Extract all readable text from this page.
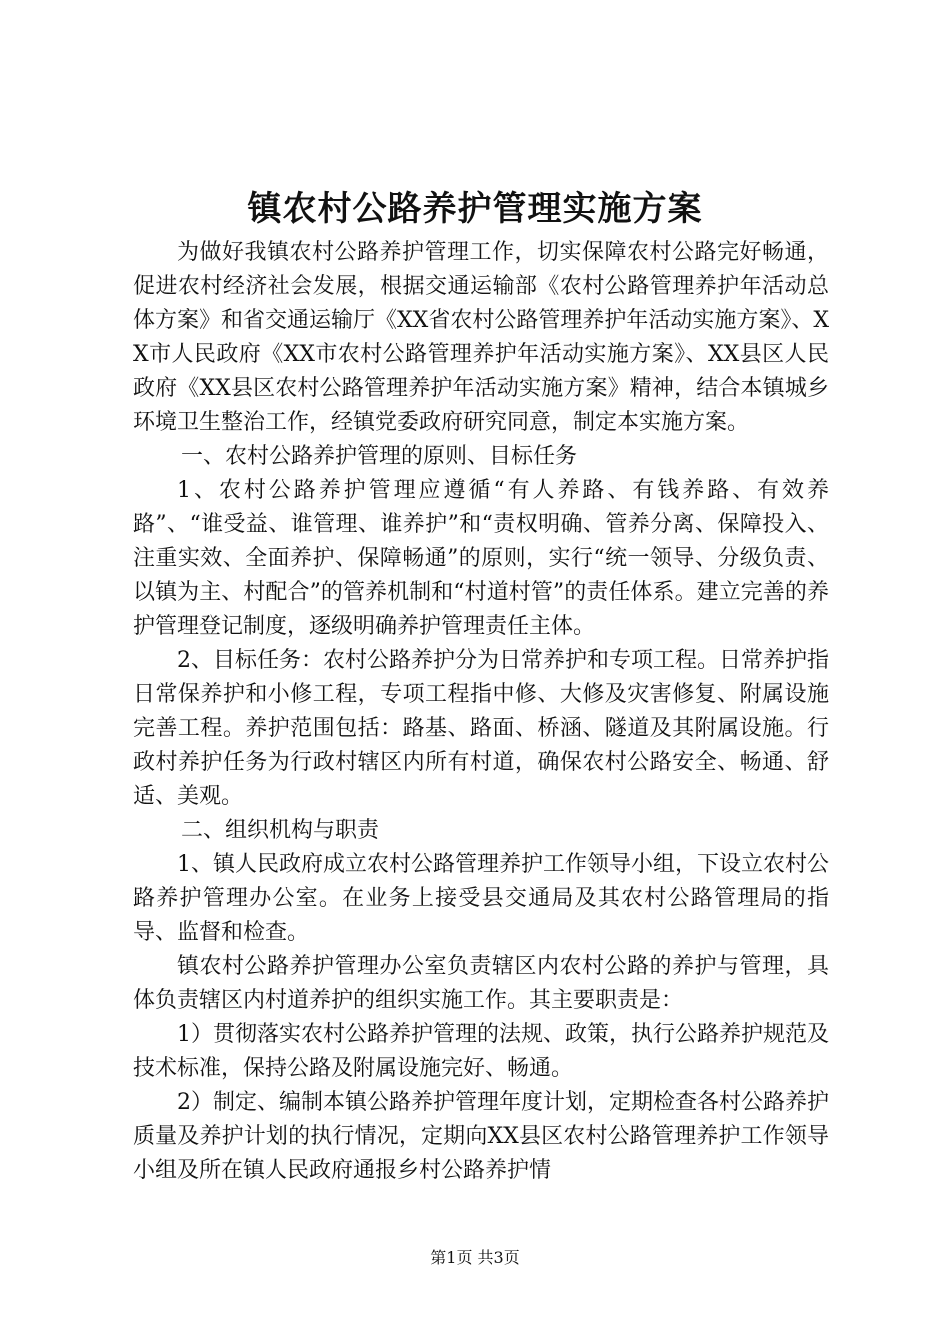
镇农村公路养护管理实施方案

为做好我镇农村公路养护管理工作，切实保障农村公路完好畅通，促进农村经济社会发展，根据交通运输部《农村公路管理养护年活动总体方案》和省交通运输厅《XX省农村公路管理养护年活动实施方案》、XX市人民政府《XX市农村公路管理养护年活动实施方案》、XX县区人民政府《XX县区农村公路管理养护年活动实施方案》精神，结合本镇城乡环境卫生整治工作，经镇党委政府研究同意，制定本实施方案。

一、农村公路养护管理的原则、目标任务

1、农村公路养护管理应遵循“有人养路、有钱养路、有效养路”、“谁受益、谁管理、谁养护”和“责权明确、管养分离、保障投入、注重实效、全面养护、保障畅通”的原则，实行“统一领导、分级负责、以镇为主、村配合”的管养机制和“村道村管”的责任体系。建立完善的养护管理登记制度，逐级明确养护管理责任主体。

2、目标任务：农村公路养护分为日常养护和专项工程。日常养护指日常保养护和小修工程，专项工程指中修、大修及灾害修复、附属设施完善工程。养护范围包括：路基、路面、桥涵、隧道及其附属设施。行政村养护任务为行政村辖区内所有村道，确保农村公路安全、畅通、舒适、美观。

二、组织机构与职责

1、镇人民政府成立农村公路管理养护工作领导小组，下设立农村公路养护管理办公室。在业务上接受县交通局及其农村公路管理局的指导、监督和检查。

镇农村公路养护管理办公室负责辖区内农村公路的养护与管理，具体负责辖区内村道养护的组织实施工作。其主要职责是：

1）贯彻落实农村公路养护管理的法规、政策，执行公路养护规范及技术标准，保持公路及附属设施完好、畅通。

2）制定、编制本镇公路养护管理年度计划，定期检查各村公路养护质量及养护计划的执行情况，定期向XX县区农村公路管理养护工作领导小组及所在镇人民政府通报乡村公路养护情

第1页 共3页
